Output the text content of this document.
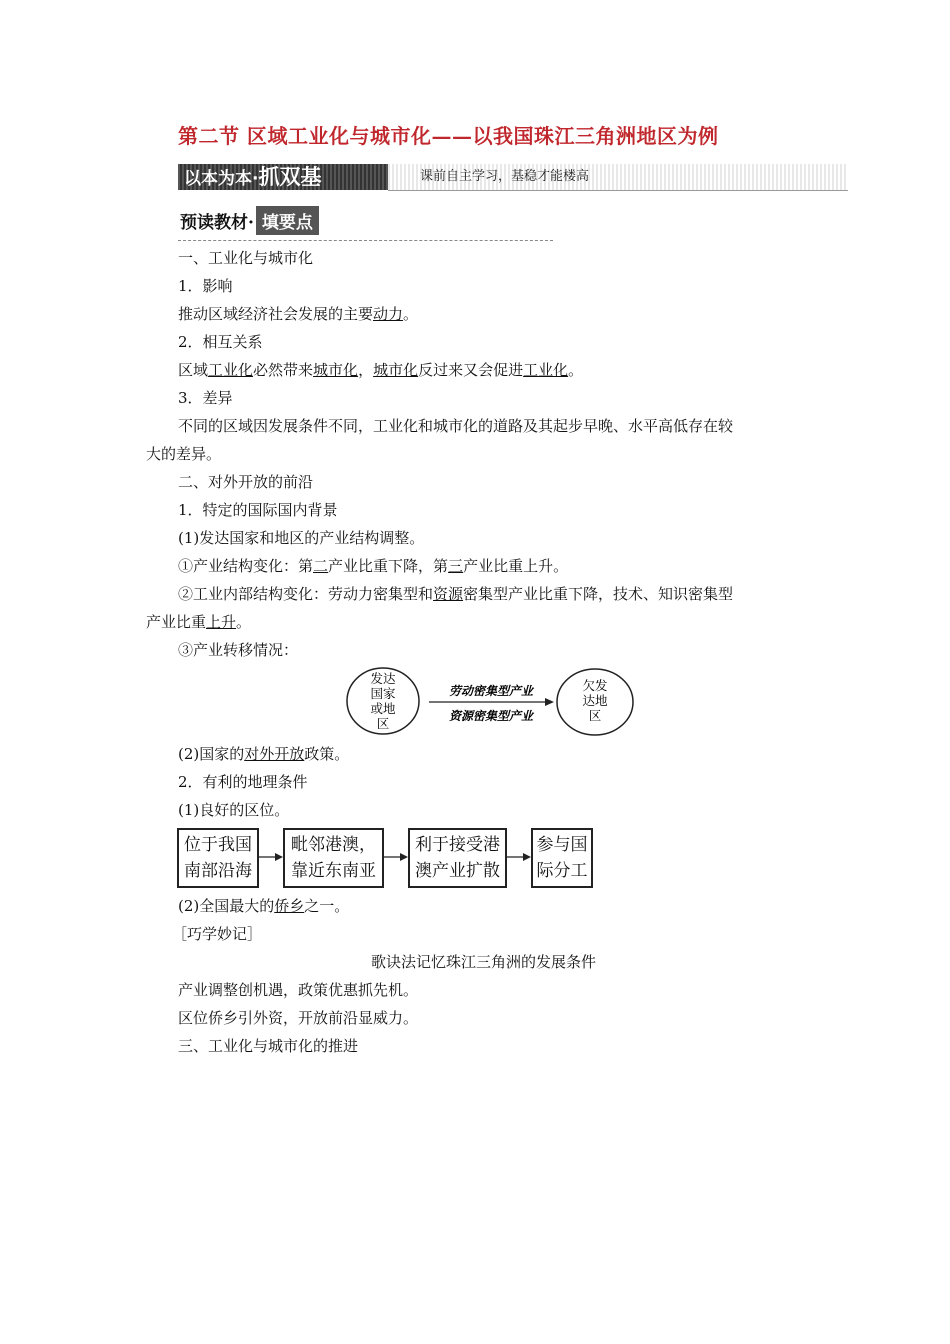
第二节 区域工业化与城市化——以我国珠江三角洲地区为例
以本为本·抓双基	课前自主学习，基稳才能楼高
预读教材· 填要点
一、工业化与城市化
1．影响
推动区域经济社会发展的主要动力。
2．相互关系
区域工业化必然带来城市化，城市化反过来又会促进工业化。
3．差异
不同的区域因发展条件不同，工业化和城市化的道路及其起步早晚、水平高低存在较
大的差异。
二、对外开放的前沿
1．特定的国际国内背景
(1)发达国家和地区的产业结构调整。
①产业结构变化：第二产业比重下降，第三产业比重上升。
②工业内部结构变化：劳动力密集型和资源密集型产业比重下降，技术、知识密集型
产业比重上升。
③产业转移情况：
发达
国家
或地
区
劳动密集型产业
资源密集型产业
欠发
达地
区
(2)国家的对外开放政策。
2．有利的地理条件
(1)良好的区位。
位于我国
南部沿海
毗邻港澳，
靠近东南亚
利于接受港
澳产业扩散
参与国
际分工
(2)全国最大的侨乡之一。
［巧学妙记］
歌诀法记忆珠江三角洲的发展条件
产业调整创机遇，政策优惠抓先机。
区位侨乡引外资，开放前沿显威力。
三、工业化与城市化的推进
